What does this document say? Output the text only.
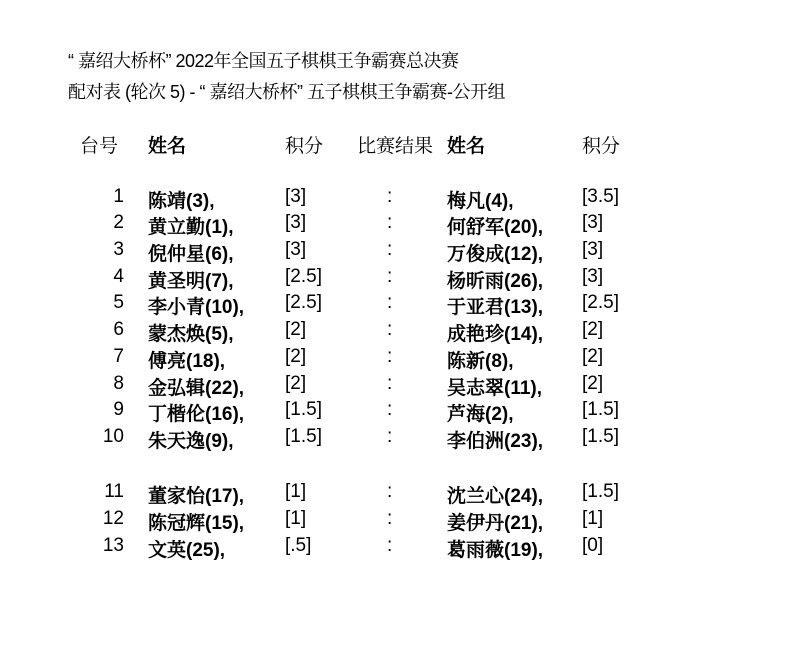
“ 嘉绍大桥杯” 2022年全国五子棋棋王争霸赛总决赛
配对表 (轮次 5) - “ 嘉绍大桥杯” 五子棋棋王争霸赛-公开组
台号 姓名	积分 比赛结果 姓名	积分
1 陈靖(3),	[3]	:	梅凡(4),	[3.5]
2 黄立勤(1),	[3]	:	何舒军(20), [3]
3 倪仲星(6),	[3]	:	万俊成(12), [3]
4 黄圣明(7),	[2.5]	:	杨昕雨(26), [3]
5 李小青(10), [2.5]	:	于亚君(13), [2.5]
6 蒙杰焕(5),	[2]	:	成艳珍(14), [2]
7 傅亮(18),	[2]	:	陈新(8),	[2]
8 金弘辑(22), [2]	:	吴志翠(11), [2]
9 丁楷伦(16), [1.5]	:	芦海(2),	[1.5]
10 朱天逸(9),	[1.5]	:	李伯洲(23), [1.5]
11 董家怡(17), [1]	:	沈兰心(24), [1.5]
12 陈冠辉(15), [1]	:	姜伊丹(21), [1]
13 文英(25),	[.5]	:	葛雨薇(19), [0]
